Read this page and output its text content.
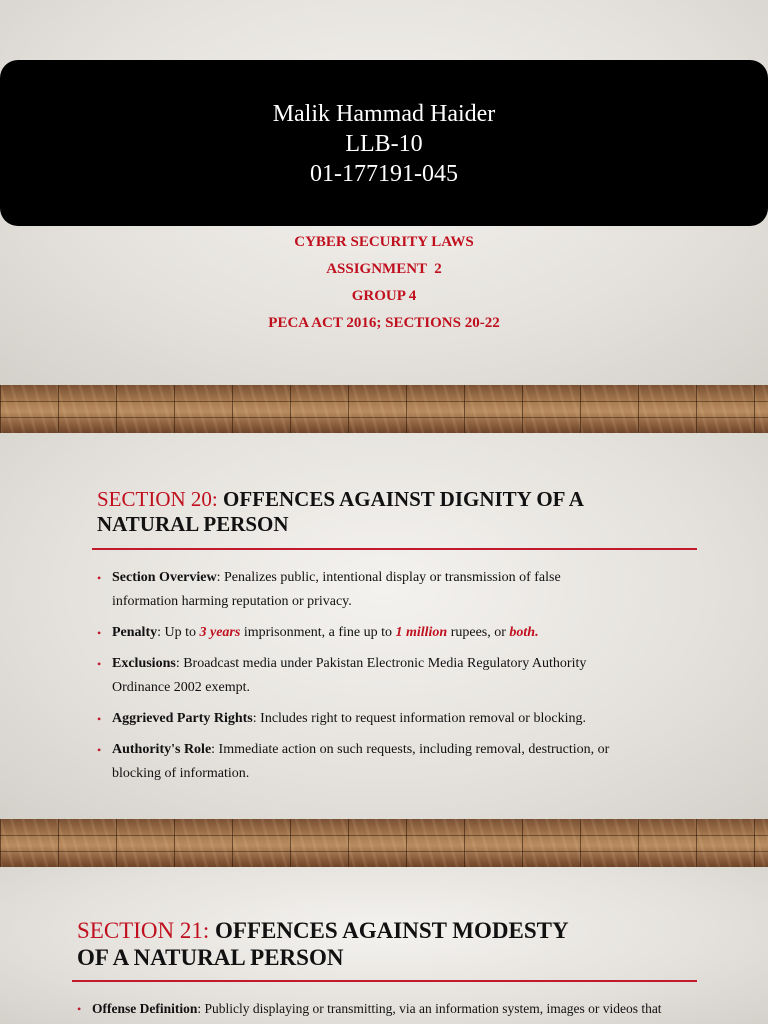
Malik Hammad Haider
LLB-10
01-177191-045
CYBER SECURITY LAWS
ASSIGNMENT  2
GROUP 4
PECA ACT 2016; SECTIONS 20-22
SECTION 20: OFFENCES AGAINST DIGNITY OF A
NATURAL PERSON
• Section Overview: Penalizes public, intentional display or transmission of false
information harming reputation or privacy.
• Penalty: Up to 3 years imprisonment, a fine up to 1 million rupees, or both.
• Exclusions: Broadcast media under Pakistan Electronic Media Regulatory Authority
Ordinance 2002 exempt.
• Aggrieved Party Rights: Includes right to request information removal or blocking.
• Authority's Role: Immediate action on such requests, including removal, destruction, or
blocking of information.
SECTION 21: OFFENCES AGAINST MODESTY
OF A NATURAL PERSON
• Offense Definition: Publicly displaying or transmitting, via an information system, images or videos that
